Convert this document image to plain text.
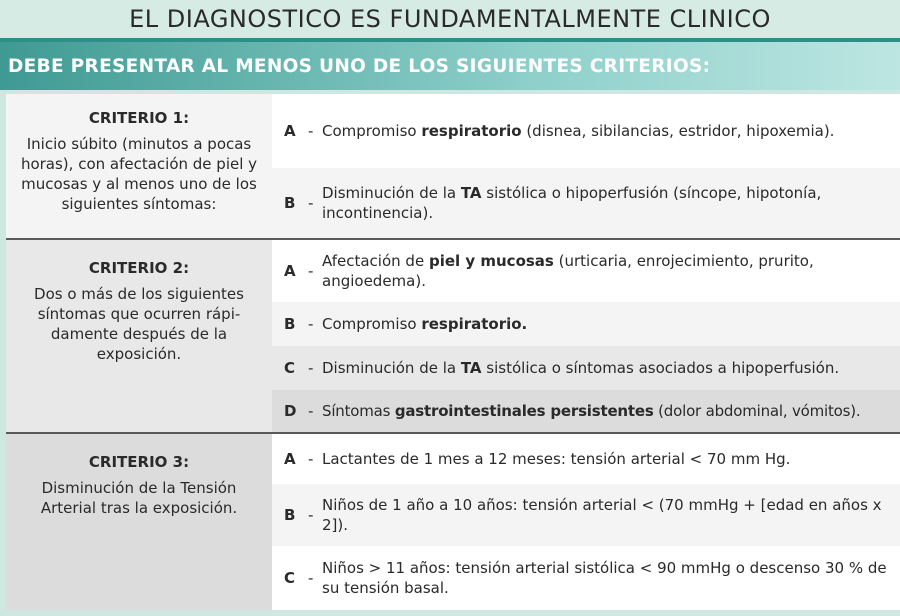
EL DIAGNOSTICO ES FUNDAMENTALMENTE CLINICO
DEBE PRESENTAR AL MENOS UNO DE LOS SIGUIENTES CRITERIOS:
CRITERIO 1:
Inicio súbito (minutos a pocas horas), con afectación de piel y mucosas y al menos uno de los siguientes síntomas:
A - Compromiso respiratorio (disnea, sibilancias, estridor, hipoxemia).
B -
Disminución de la TA sistólica o hipoperfusión (síncope, hipotonía, incontinencia).
CRITERIO 2:
Dos o más de los siguientes síntomas que ocurren rápi-damente después de la exposición.
A -
Afectación de piel y mucosas (urticaria, enrojecimiento, prurito, angioedema).
B - Compromiso respiratorio.
C - Disminución de la TA sistólica o síntomas asociados a hipoperfusión.
D - Síntomas gastrointestinales persistentes (dolor abdominal, vómitos).
CRITERIO 3:
Disminución de la Tensión Arterial tras la exposición.
A - Lactantes de 1 mes a 12 meses: tensión arterial < 70 mm Hg.
B -
Niños de 1 año a 10 años: tensión arterial < (70 mmHg + [edad en años x 2]).
C -
Niños > 11 años: tensión arterial sistólica < 90 mmHg o descenso 30 % de su tensión basal.
